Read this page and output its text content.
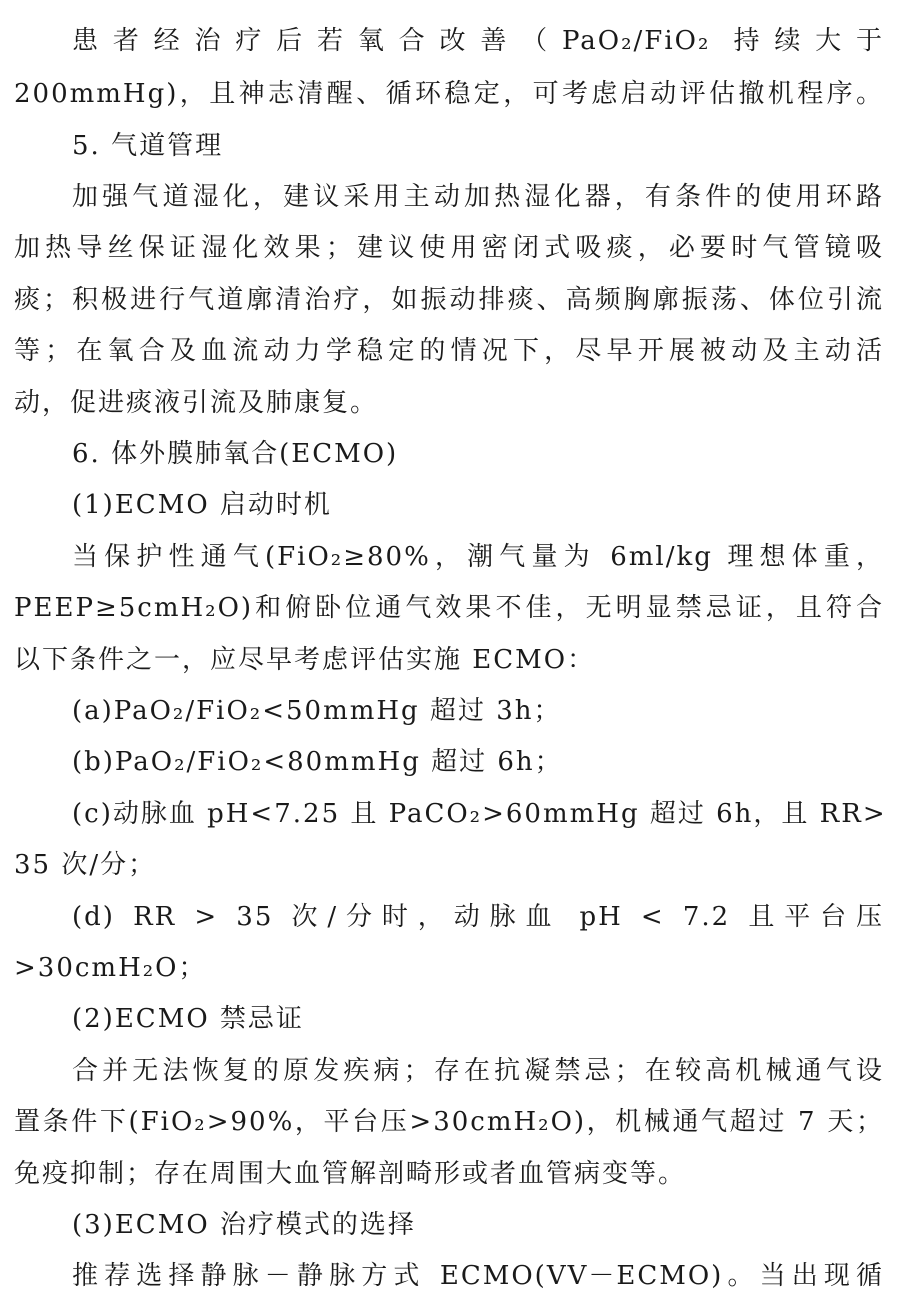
患者经治疗后若氧合改善（PaO₂/FiO₂ 持续大于
200mmHg)，且神志清醒、循环稳定，可考虑启动评估撤机程序。
5. 气道管理
加强气道湿化，建议采用主动加热湿化器，有条件的使用环路
加热导丝保证湿化效果；建议使用密闭式吸痰，必要时气管镜吸
痰；积极进行气道廓清治疗，如振动排痰、高频胸廓振荡、体位引流
等；在氧合及血流动力学稳定的情况下，尽早开展被动及主动活
动，促进痰液引流及肺康复。
6. 体外膜肺氧合(ECMO)
(1)ECMO 启动时机
当保护性通气(FiO₂≥80%，潮气量为 6ml/kg 理想体重，
PEEP≥5cmH₂O)和俯卧位通气效果不佳，无明显禁忌证，且符合
以下条件之一，应尽早考虑评估实施 ECMO：
(a)PaO₂/FiO₂<50mmHg 超过 3h；
(b)PaO₂/FiO₂<80mmHg 超过 6h；
(c)动脉血 pH<7.25 且 PaCO₂>60mmHg 超过 6h，且 RR>
35 次/分；
(d) RR > 35 次/分时，动脉血 pH < 7.2 且平台压
>30cmH₂O；
(2)ECMO 禁忌证
合并无法恢复的原发疾病；存在抗凝禁忌；在较高机械通气设
置条件下(FiO₂>90%，平台压>30cmH₂O)，机械通气超过 7 天；
免疫抑制；存在周围大血管解剖畸形或者血管病变等。
(3)ECMO 治疗模式的选择
推荐选择静脉－静脉方式 ECMO(VV－ECMO)。当出现循
